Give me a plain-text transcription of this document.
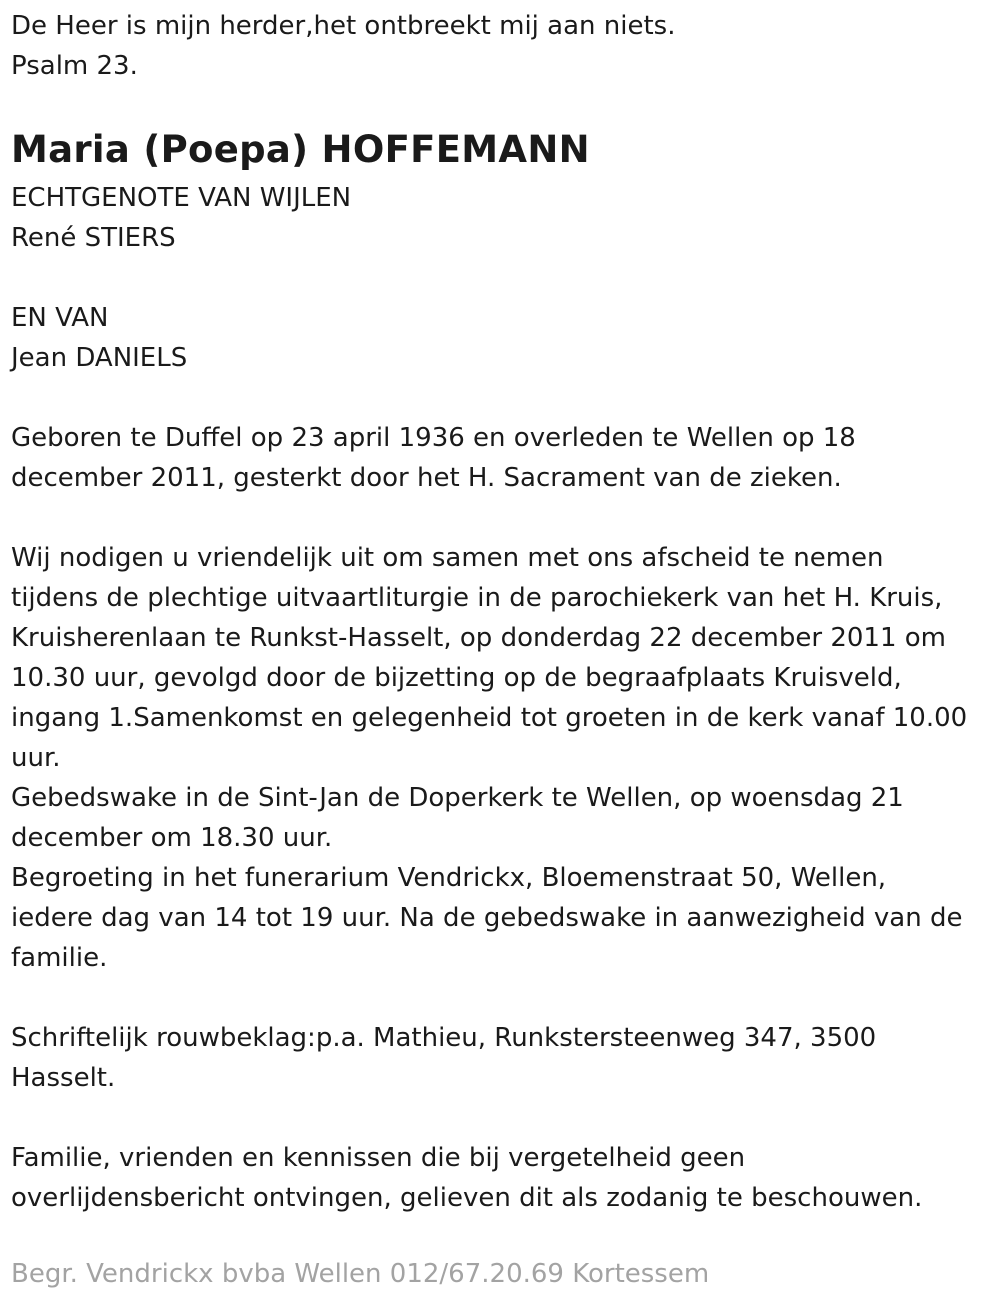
De Heer is mijn herder,het ontbreekt mij aan niets.
Psalm 23.
Maria (Poepa) HOFFEMANN
ECHTGENOTE VAN WIJLEN
René STIERS
EN VAN
Jean DANIELS
Geboren te Duffel op 23 april 1936 en overleden te Wellen op 18
december 2011, gesterkt door het H. Sacrament van de zieken.
Wij nodigen u vriendelijk uit om samen met ons afscheid te nemen
tijdens de plechtige uitvaartliturgie in de parochiekerk van het H. Kruis,
Kruisherenlaan te Runkst-Hasselt, op donderdag 22 december 2011 om
10.30 uur, gevolgd door de bijzetting op de begraafplaats Kruisveld,
ingang 1.Samenkomst en gelegenheid tot groeten in de kerk vanaf 10.00
uur.
Gebedswake in de Sint-Jan de Doperkerk te Wellen, op woensdag 21
december om 18.30 uur.
Begroeting in het funerarium Vendrickx, Bloemenstraat 50, Wellen,
iedere dag van 14 tot 19 uur. Na de gebedswake in aanwezigheid van de
familie.
Schriftelijk rouwbeklag:p.a. Mathieu, Runkstersteenweg 347, 3500
Hasselt.
Familie, vrienden en kennissen die bij vergetelheid geen
overlijdensbericht ontvingen, gelieven dit als zodanig te beschouwen.
Begr. Vendrickx bvba Wellen 012/67.20.69 Kortessem
